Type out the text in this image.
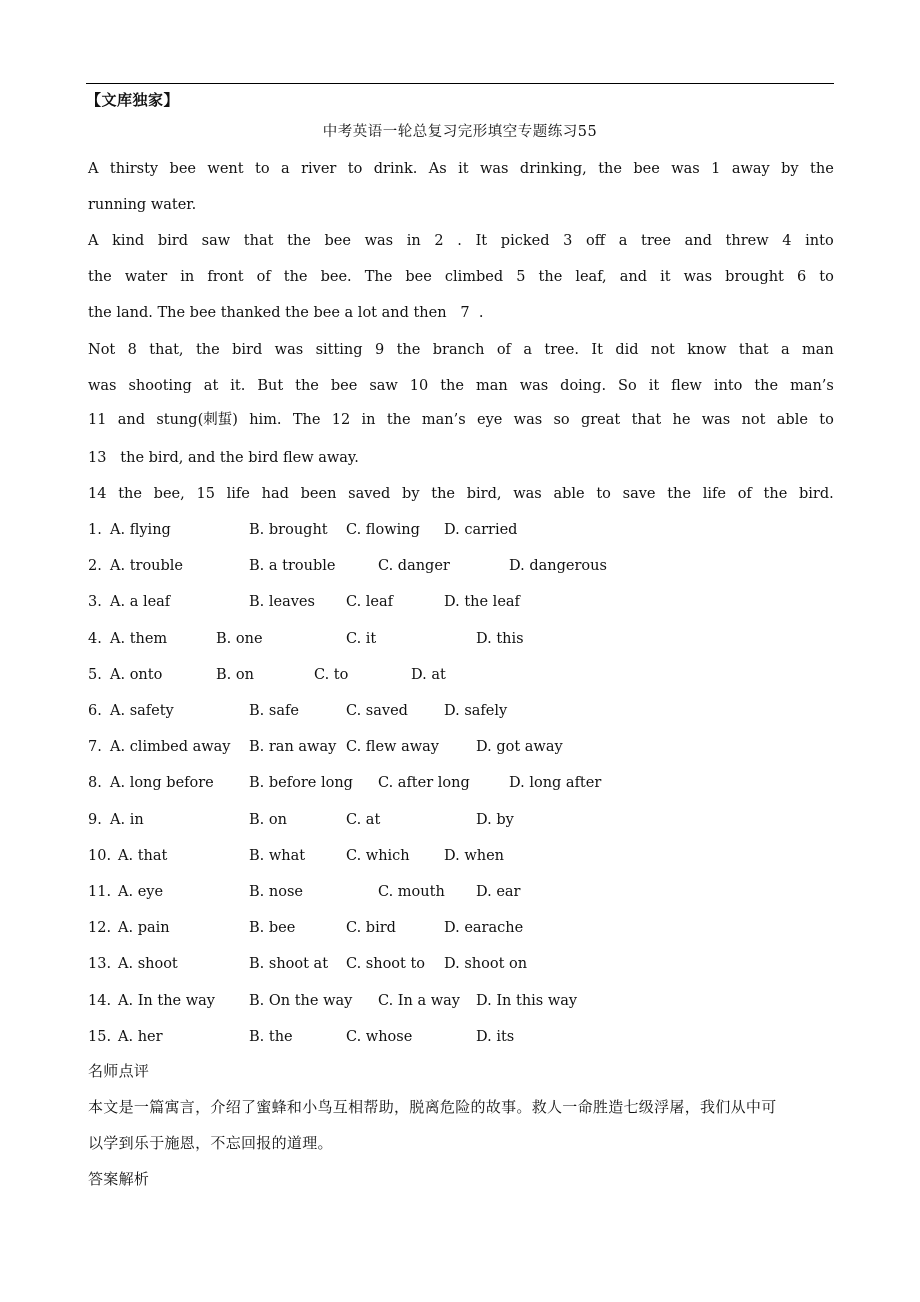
【文库独家】
中考英语一轮总复习完形填空专题练习55
A thirsty bee went to a river to drink. As it was drinking, the bee was 1 away by the
running water.
A kind bird saw that the bee was in 2 . It picked 3 off a tree and threw 4 into
the water in front of the bee. The bee climbed 5 the leaf, and it was brought 6 to
the land. The bee thanked the bee a lot and then   7  .
Not 8 that, the bird was sitting 9 the branch of a tree. It did not know that a man
was shooting at it. But the bee saw 10 the man was doing. So it flew into the man’s
11 and stung(刺蜇) him. The 12 in the man’s eye was so great that he was not able to
13   the bird, and the bird flew away.
14 the bee, 15 life had been saved by the bird, was able to save the life of the bird.
1. A. flying	B. brought C. flowing D. carried
2. A. trouble	B. a trouble	C. danger	D. dangerous
3. A. a leaf	B. leaves C. leaf	D. the leaf
4. A. them	B. one	C. it	D. this
5. A. onto	B. on	C. to	D. at
6. A. safety	B. safe	C. saved D. safely
7. A. climbed away B. ran away C. flew away	D. got away
8. A. long before B. before long C. after long	D. long after
9. A. in	B. on	C. at	D. by
10. A. that	B. what	C. which D. when
11. A. eye	B. nose	C. mouth D. ear
12. A. pain	B. bee	C. bird	D. earache
13. A. shoot	B. shoot at C. shoot to D. shoot on
14. A. In the way B. On the way C. In a way D. In this way
15. A. her	B. the	C. whose	D. its
名师点评
本文是一篇寓言，介绍了蜜蜂和小鸟互相帮助，脱离危险的故事。救人一命胜造七级浮屠，我们从中可
以学到乐于施恩，不忘回报的道理。
答案解析
